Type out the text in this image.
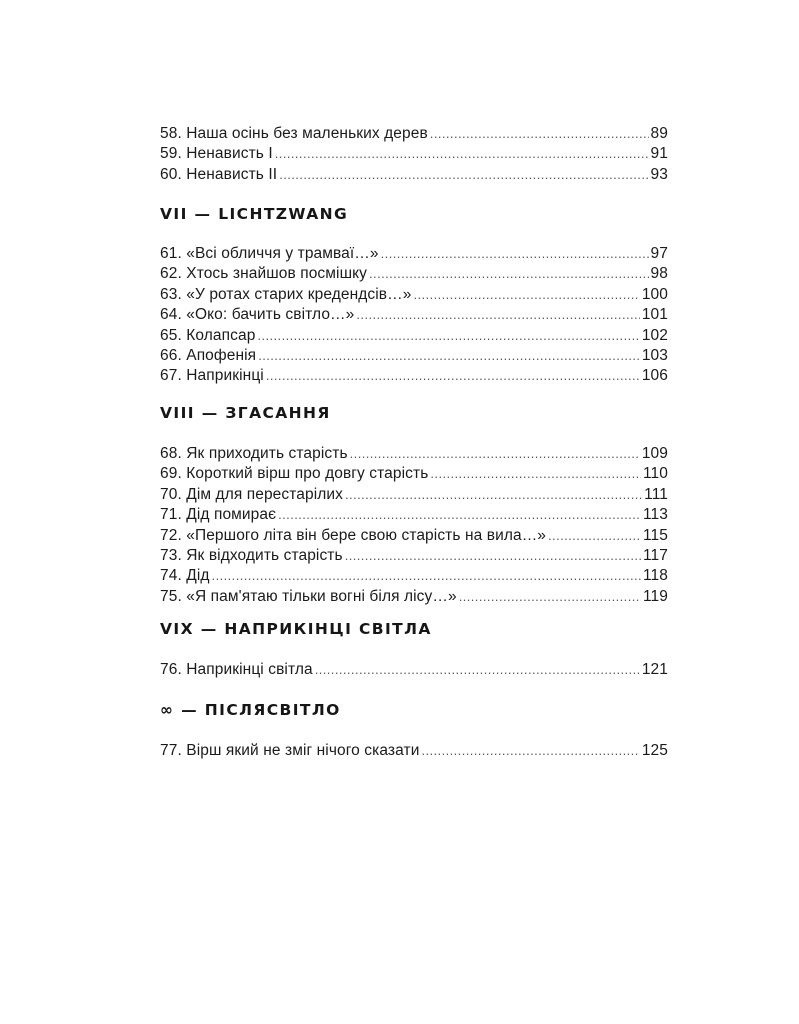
58. Наша осінь без маленьких дерев . . .	89
59. Ненависть I . . .	91
60. Ненависть II . . .	93
VII — LICHTZWANG
61. «Всі обличчя у трамваї…» . . .	97
62. Хтось знайшов посмішку . . .	98
63. «У ротах старих кредендсів…» . . .	100
64. «Око: бачить світло…» . . .	101
65. Колапсар . . .	102
66. Апофенія . . .	103
67. Наприкінці . . .	106
VIII — ЗГАСАННЯ
68. Як приходить старість . . .	109
69. Короткий вірш про довгу старість . . .	110
70. Дім для перестарілих . . .	111
71. Дід помирає . . .	113
72. «Першого літа він бере свою старість на вила…» . . .	115
73. Як відходить старість . . .	117
74. Дід . . .	118
75. «Я пам'ятаю тільки вогні біля лісу…» . . .	119
VIX — НАПРИКІНЦІ СВІТЛА
76. Наприкінці світла . . .	121
∞ — ПІСЛЯСВІТЛО
77. Вірш який не зміг нічого сказати . . .	125
